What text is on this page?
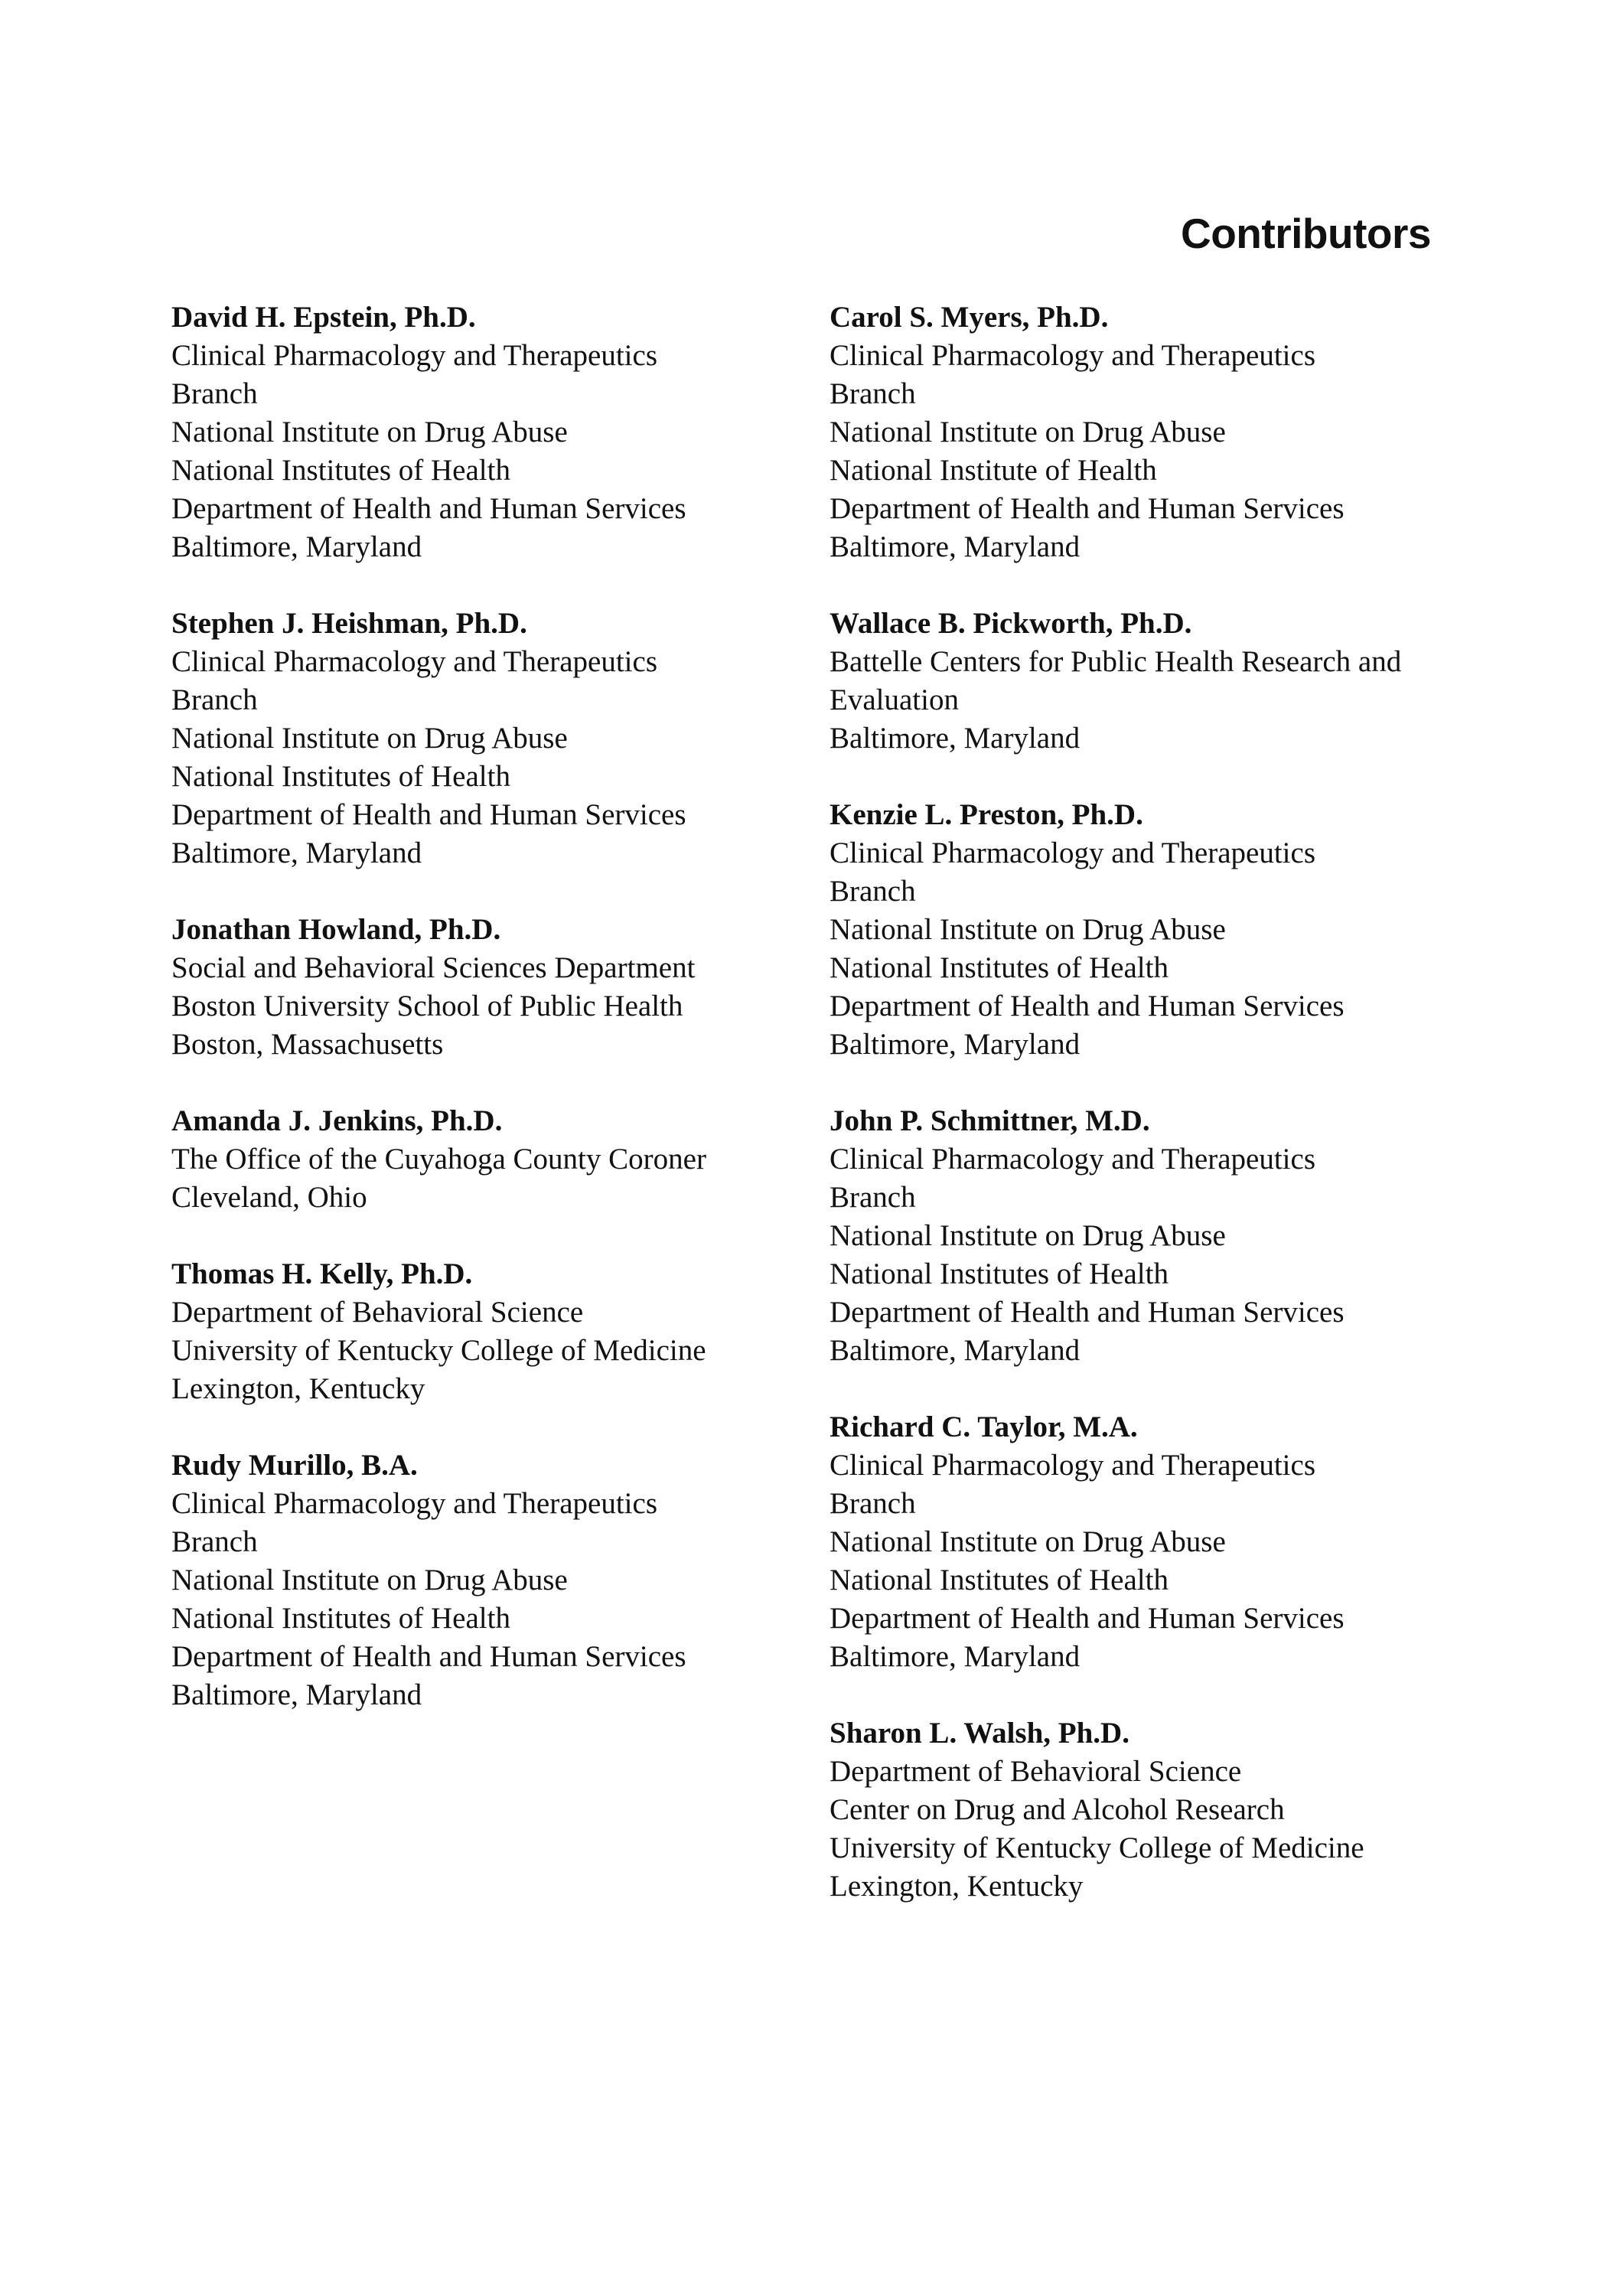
Contributors
David H. Epstein, Ph.D.
Clinical Pharmacology and Therapeutics
Branch
National Institute on Drug Abuse
National Institutes of Health
Department of Health and Human Services
Baltimore, Maryland
Stephen J. Heishman, Ph.D.
Clinical Pharmacology and Therapeutics
Branch
National Institute on Drug Abuse
National Institutes of Health
Department of Health and Human Services
Baltimore, Maryland
Jonathan Howland, Ph.D.
Social and Behavioral Sciences Department
Boston University School of Public Health
Boston, Massachusetts
Amanda J. Jenkins, Ph.D.
The Office of the Cuyahoga County Coroner
Cleveland, Ohio
Thomas H. Kelly, Ph.D.
Department of Behavioral Science
University of Kentucky College of Medicine
Lexington, Kentucky
Rudy Murillo, B.A.
Clinical Pharmacology and Therapeutics
Branch
National Institute on Drug Abuse
National Institutes of Health
Department of Health and Human Services
Baltimore, Maryland
Carol S. Myers, Ph.D.
Clinical Pharmacology and Therapeutics
Branch
National Institute on Drug Abuse
National Institute of Health
Department of Health and Human Services
Baltimore, Maryland
Wallace B. Pickworth, Ph.D.
Battelle Centers for Public Health Research and
Evaluation
Baltimore, Maryland
Kenzie L. Preston, Ph.D.
Clinical Pharmacology and Therapeutics
Branch
National Institute on Drug Abuse
National Institutes of Health
Department of Health and Human Services
Baltimore, Maryland
John P. Schmittner, M.D.
Clinical Pharmacology and Therapeutics
Branch
National Institute on Drug Abuse
National Institutes of Health
Department of Health and Human Services
Baltimore, Maryland
Richard C. Taylor, M.A.
Clinical Pharmacology and Therapeutics
Branch
National Institute on Drug Abuse
National Institutes of Health
Department of Health and Human Services
Baltimore, Maryland
Sharon L. Walsh, Ph.D.
Department of Behavioral Science
Center on Drug and Alcohol Research
University of Kentucky College of Medicine
Lexington, Kentucky
